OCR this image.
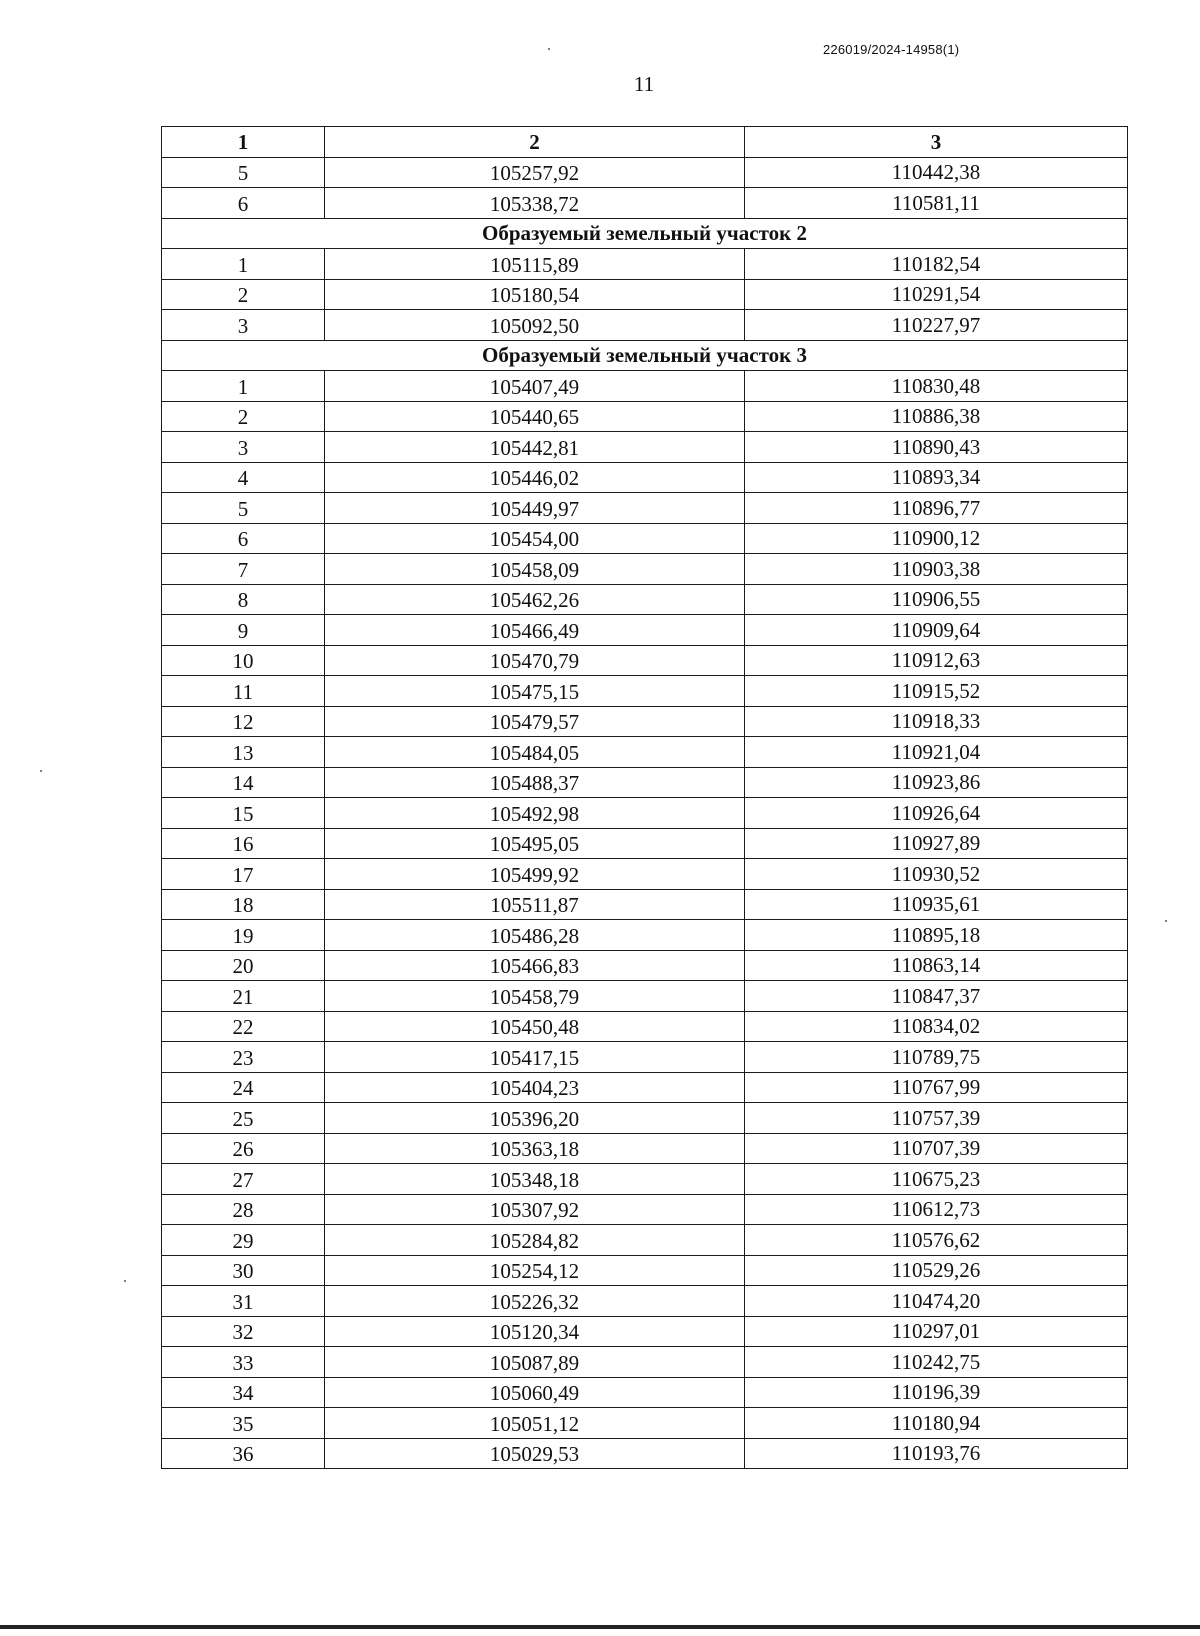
226019/2024-14958(1)
11
1	2	3
5	105257,92	110442,38
6	105338,72	110581,11
Образуемый земельный участок 2		
1	105115,89	110182,54
2	105180,54	110291,54
3	105092,50	110227,97
Образуемый земельный участок 3		
1	105407,49	110830,48
2	105440,65	110886,38
3	105442,81	110890,43
4	105446,02	110893,34
5	105449,97	110896,77
6	105454,00	110900,12
7	105458,09	110903,38
8	105462,26	110906,55
9	105466,49	110909,64
10	105470,79	110912,63
11	105475,15	110915,52
12	105479,57	110918,33
13	105484,05	110921,04
14	105488,37	110923,86
15	105492,98	110926,64
16	105495,05	110927,89
17	105499,92	110930,52
18	105511,87	110935,61
19	105486,28	110895,18
20	105466,83	110863,14
21	105458,79	110847,37
22	105450,48	110834,02
23	105417,15	110789,75
24	105404,23	110767,99
25	105396,20	110757,39
26	105363,18	110707,39
27	105348,18	110675,23
28	105307,92	110612,73
29	105284,82	110576,62
30	105254,12	110529,26
31	105226,32	110474,20
32	105120,34	110297,01
33	105087,89	110242,75
34	105060,49	110196,39
35	105051,12	110180,94
36	105029,53	110193,76
